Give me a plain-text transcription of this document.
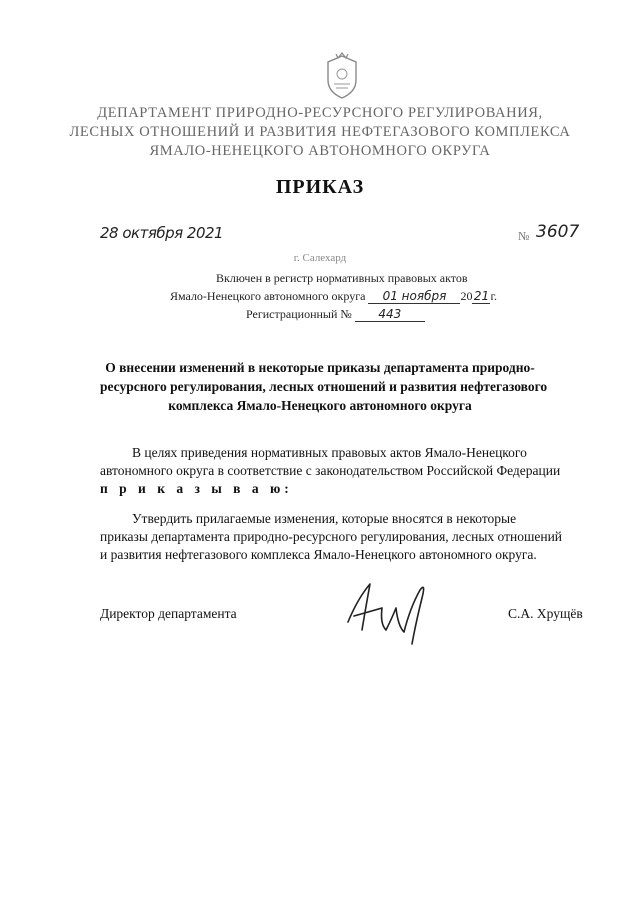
ДЕПАРТАМЕНТ ПРИРОДНО-РЕСУРСНОГО РЕГУЛИРОВАНИЯ,
ЛЕСНЫХ ОТНОШЕНИЙ И РАЗВИТИЯ НЕФТЕГАЗОВОГО КОМПЛЕКСА
ЯМАЛО-НЕНЕЦКОГО АВТОНОМНОГО ОКРУГА
ПРИКАЗ
28 октября 2021	№ 3607
г. Салехард
Включен в регистр нормативных правовых актов
Ямало-Ненецкого автономного округа 01 ноября 2021г.
Регистрационный № 443
О внесении изменений в некоторые приказы департамента природно-
ресурсного регулирования, лесных отношений и развития нефтегазового
комплекса Ямало-Ненецкого автономного округа
В целях приведения нормативных правовых актов Ямало-Ненецкого
автономного округа в соответствие с законодательством Российской Федерации
п р и к а з ы в а ю:
Утвердить прилагаемые изменения, которые вносятся в некоторые
приказы департамента природно-ресурсного регулирования, лесных отношений
и развития нефтегазового комплекса Ямало-Ненецкого автономного округа.
Директор департамента	С.А. Хрущёв
